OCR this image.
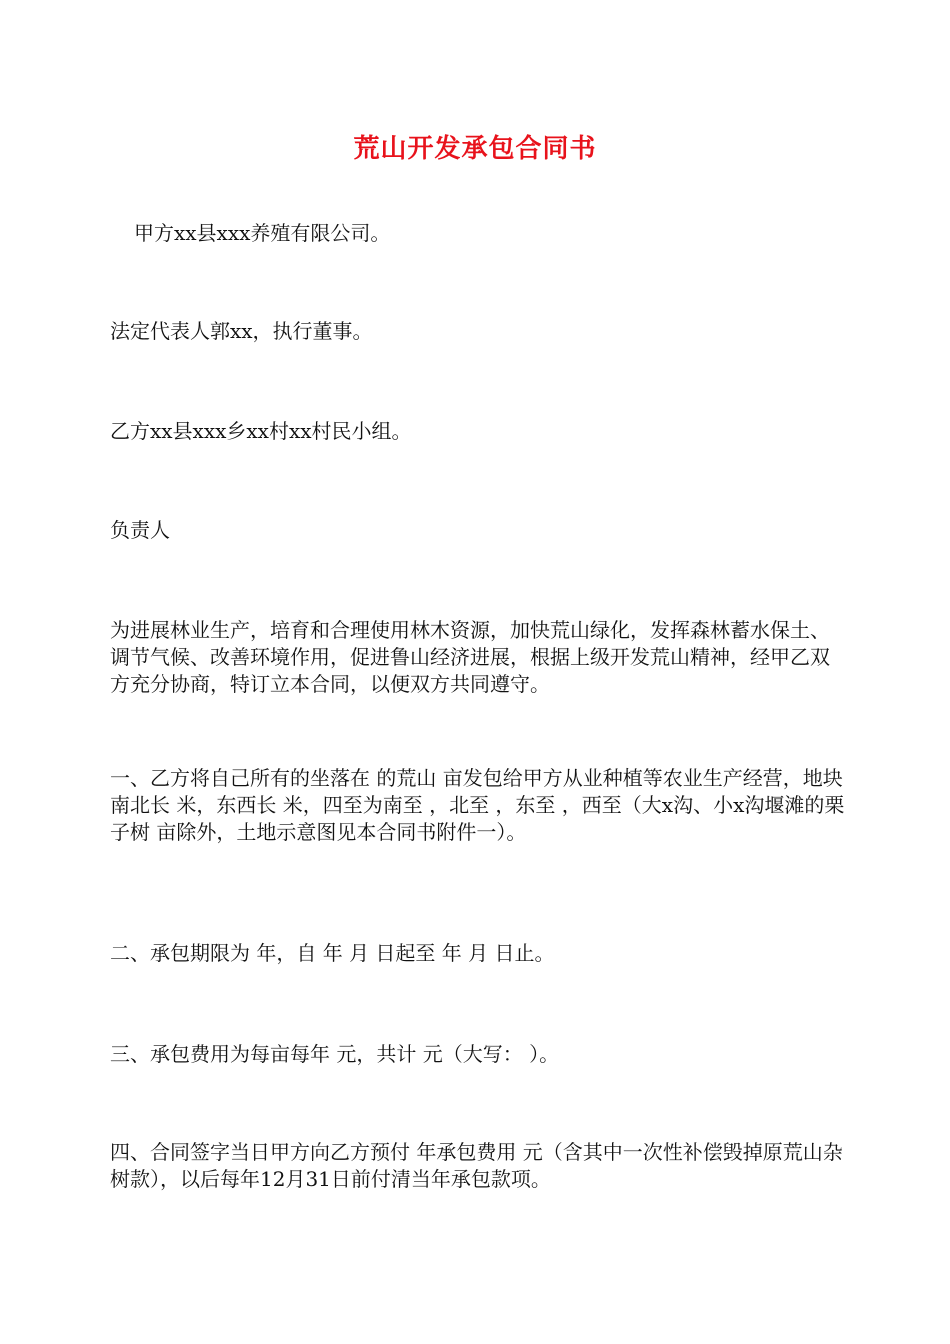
荒山开发承包合同书

甲方xx县xxx养殖有限公司。

法定代表人郭xx，执行董事。

乙方xx县xxx乡xx村xx村民小组。

负责人

为进展林业生产，培育和合理使用林木资源，加快荒山绿化，发挥森林蓄水保土、调节气候、改善环境作用，促进鲁山经济进展，根据上级开发荒山精神，经甲乙双方充分协商，特订立本合同，以便双方共同遵守。

一、乙方将自己所有的坐落在 的荒山 亩发包给甲方从业种植等农业生产经营，地块南北长 米，东西长 米，四至为南至 ，北至 ，东至 ，西至（大x沟、小x沟堰滩的栗子树 亩除外，土地示意图见本合同书附件一）。

二、承包期限为 年，自 年 月 日起至 年 月 日止。

三、承包费用为每亩每年 元，共计 元（大写： ）。

四、合同签字当日甲方向乙方预付 年承包费用 元（含其中一次性补偿毁掉原荒山杂树款），以后每年12月31日前付清当年承包款项。
